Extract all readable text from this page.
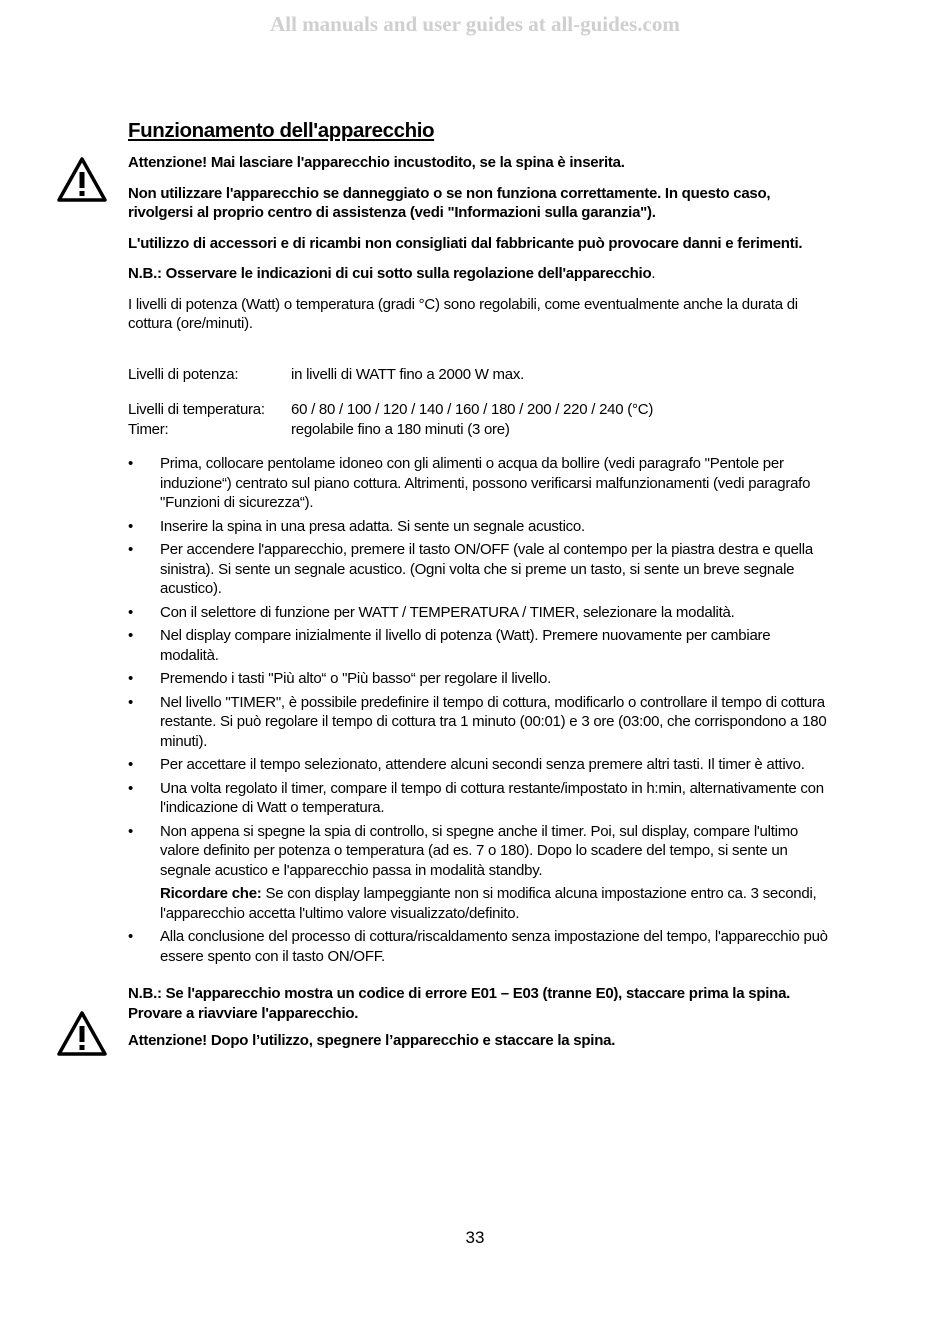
All manuals and user guides at all-guides.com
Funzionamento dell'apparecchio

Attenzione! Mai lasciare l'apparecchio incustodito, se la spina è inserita.

Non utilizzare l'apparecchio se danneggiato o se non funziona correttamente. In questo caso, rivolgersi al proprio centro di assistenza (vedi "Informazioni sulla garanzia").

L'utilizzo di accessori e di ricambi non consigliati dal fabbricante può provocare danni e ferimenti.

N.B.: Osservare le indicazioni di cui sotto sulla regolazione dell'apparecchio.

I livelli di potenza (Watt) o temperatura (gradi °C) sono regolabili, come eventualmente anche la durata di cottura (ore/minuti).

Livelli di potenza:	in livelli di WATT fino a 2000 W max.
Livelli di temperatura:	60 / 80 / 100 / 120 / 140 / 160 / 180 / 200 / 220 / 240 (°C)
Timer:	regolabile fino a 180 minuti (3 ore)
• Prima, collocare pentolame idoneo con gli alimenti o acqua da bollire (vedi paragrafo "Pentole per induzione“) centrato sul piano cottura. Altrimenti, possono verificarsi malfunzionamenti (vedi paragrafo "Funzioni di sicurezza“).
• Inserire la spina in una presa adatta. Si sente un segnale acustico.
• Per accendere l'apparecchio, premere il tasto ON/OFF (vale al contempo per la piastra destra e quella sinistra). Si sente un segnale acustico. (Ogni volta che si preme un tasto, si sente un breve segnale acustico).
• Con il selettore di funzione per WATT / TEMPERATURA / TIMER, selezionare la modalità.
• Nel display compare inizialmente il livello di potenza (Watt). Premere nuovamente per cambiare modalità.
• Premendo i tasti "Più alto“ o "Più basso“ per regolare il livello.
• Nel livello "TIMER", è possibile predefinire il tempo di cottura, modificarlo o controllare il tempo di cottura restante. Si può regolare il tempo di cottura tra 1 minuto (00:01) e 3 ore (03:00, che corrispondono a 180 minuti).
• Per accettare il tempo selezionato, attendere alcuni secondi senza premere altri tasti. Il timer è attivo.
• Una volta regolato il timer, compare il tempo di cottura restante/impostato in h:min, alternativamente con l'indicazione di Watt o temperatura.
• Non appena si spegne la spia di controllo, si spegne anche il timer. Poi, sul display, compare l'ultimo valore definito per potenza o temperatura (ad es. 7 o 180). Dopo lo scadere del tempo, si sente un segnale acustico e l'apparecchio passa in modalità standby.

Ricordare che: Se con display lampeggiante non si modifica alcuna impostazione entro ca. 3 secondi, l'apparecchio accetta l'ultimo valore visualizzato/definito.

• Alla conclusione del processo di cottura/riscaldamento senza impostazione del tempo, l'apparecchio può essere spento con il tasto ON/OFF.

N.B.: Se l'apparecchio mostra un codice di errore E01 – E03 (tranne E0), staccare prima la spina. Provare a riavviare l'apparecchio.

Attenzione! Dopo l’utilizzo, spegnere l’apparecchio e staccare la spina.

33
